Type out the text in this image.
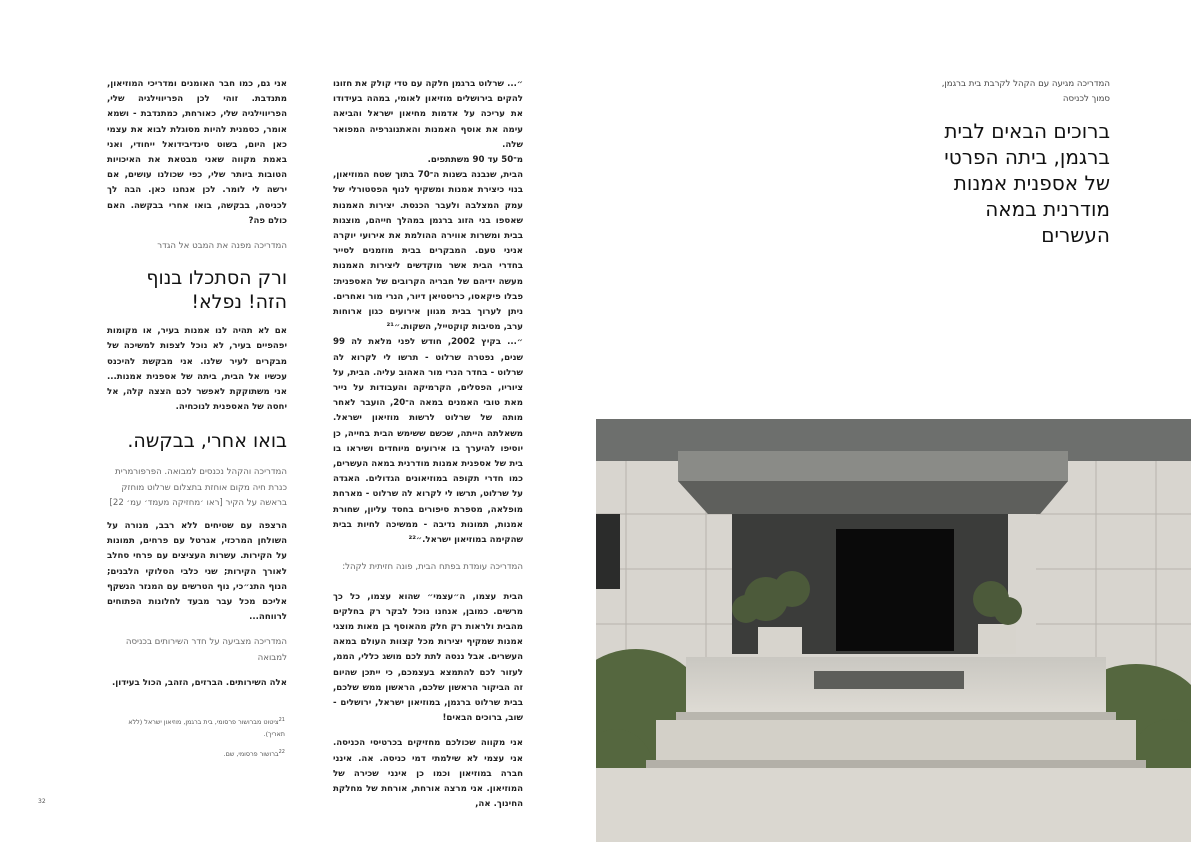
המדריכה מגיעה עם הקהל לקרבת בית ברגמן, סמוך לכניסה

ברוכים הבאים לבית ברגמן, ביתה הפרטי של אספנית אמנות מודרנית במאה העשרים

״... שרלוט ברגמן חלקה עם טדי קולק את חזונו להקים בירושלים מוזיאון לאומי, במהה בעידודו את עריכה על אדמות מחיאון ישראל והביאה עימה את אוסף האמנות והאתנוגרפיה המפואר שלה.

מ־50 עד 90 משתתפים.

הבית, שנבנה בשנות ה־70 בתוך שטח המוזיאון, בנוי כיצירת אמנות ומשקיף לנוף הפסטורלי של עמק המצלבה ולעבר הכנסת. יצירות האמנות שאספו בני הזוג ברגמן במהלך חייהם, מוצגות בבית ומשרות אווירה ההולמת את אירועי יוקרה אניני טעם. המבקרים בבית מוזמנים לסייר בחדרי הבית אשר מוקדשים ליצירות האמנות מעשה ידיהם של חבריה הקרובים של האספנית: פבלו פיקאסו, כריסטיאן דיור, הנרי מור ואחרים. ניתן לערוך בבית מגוון אירועים כגון ארוחות ערב, מסיבות קוקטייל, השקות.״²¹

״... בקיץ 2002, חודש לפני מלאת לה 99 שנים, נפטרה שרלוט - תרשו לי לקרוא לה שרלוט - בחדר הנרי מור האהוב עליה. הבית, על ציוריו, הפסלים, הקרמיקה והעבודות על נייר מאת טובי האמנים במאה ה־20, הועבר לאחר מותה של שרלוט לרשות מוזיאון ישראל. משאלתה הייתה, שכשם ששימש הבית בחייה, כן יוסיפו להיערך בו אירועים מיוחדים ושיראו בו בית של אספנית אמנות מודרנית במאה העשרים, כמו חדרי תקופה במוזיאונים הגדולים. האגדה על שרלוט, תרשו לי לקרוא לה שרלוט - מארחת מופלאה, מספרת סיפורים בחסד עליון, שחורת אמנות, תמונות נדיבה - ממשיכה לחיות בבית שהקימה במוזיאון ישראל.״²²

המדריכה עומדת בפתח הבית, פונה חזיתית לקהל:

הבית עצמו, ה״עצמי״ שהוא עצמו, כל כך מרשים. כמובן, אנחנו נוכל לבקר רק בחלקים מהבית ולראות רק חלק מהאוסף בן מאות מוצגי אמנות שמקיף יצירות מכל קצוות העולם במאה העשרים. אבל ננסה לתת לכם מושג כללי, הממ, לעזור לכם להתמצא בעצמכם, כי ייתכן שהיום זה הביקור הראשון שלכם, הראשון ממש שלכם, בבית שרלוט ברגמן, במוזיאון ישראל, ירושלים - שוב, ברוכים הבאים!

אני מקווה שכולכם מחזיקים בכרטיסי הכניסה. אני עצמי לא שילמתי דמי כניסה. אה. אינני חברה במוזיאון וכמו כן אינני שכירה של המוזיאון. אני מרצה אורחת, אורחת של מחלקת החינוך. אה,

אני גם, כמו חבר האומנים ומדריכי המוזיאון, מתנדבת. זוהי לכן הפריווילגיה שלי, הפריווילגיה שלי, כאורחת, כמתנדבת - ושמא אומר, כסמנית להיות מסוגלת לבוא את עצמי כאן היום, בשוט סינדיבידואל ייחודי, ואני באמת מקווה שאני מבטאת את האיכויות הטובות ביותר שלי, כפי שכולנו עושים, אם ירשה לי לומר. לכן אנחנו כאן. הבה לך לכניסה, בבקשה, בואו אחרי בבקשה. האם כולם פה?

המדריכה מפנה את המבט אל הגדר

ורק הסתכלו בנוף הזה! נפלא!

אם לא תהיה לנו אמנות בעיר, או מקומות יפהפיים בעיר, לא נוכל לצפות למשיכה של מבקרים לעיר שלנו. אני מבקשת להיכנס עכשיו אל הבית, ביתה של אספנית אמנות... אני משתוקקת לאפשר לכם הצצה קלה, אל יחסה של האספנית לנוכחיה.

בואו אחרי, בבקשה.

המדריכה והקהל נכנסים למבואה. הפרפורמרית כנרת חיה מקום אוחזת בתצלום שרלוט מוחזק בראשה על הקיר [ראו ׳מחזיקה מעמד׳ עמ׳ 22]

הרצפה עם שטיחים ללא רבב, מנורה על השולחן המרכזי, אגרטל עם פרחים, תמונות על הקירות. עשרות העציצים עם פרחי סחלב לאורך הקירות; שני כלבי הסלוקי הלבנים; הנוף התנ״כי, נוף הטרשים עם המנזר הנשקף אליכם מכל עבר מבעד לחלונות הפתוחים לרווחה...

המדריכה מצביעה על חדר השירותים בכניסה למבואה

אלה השירותים. הברזים, הזהב, הכול בעידון.

$^{21}$ציטוט מברושור פרסומי, בית ברגמן, מוזיאון ישראל (ללא תאריך).

$^{22}$ברושור פרסומי, שם.

32
